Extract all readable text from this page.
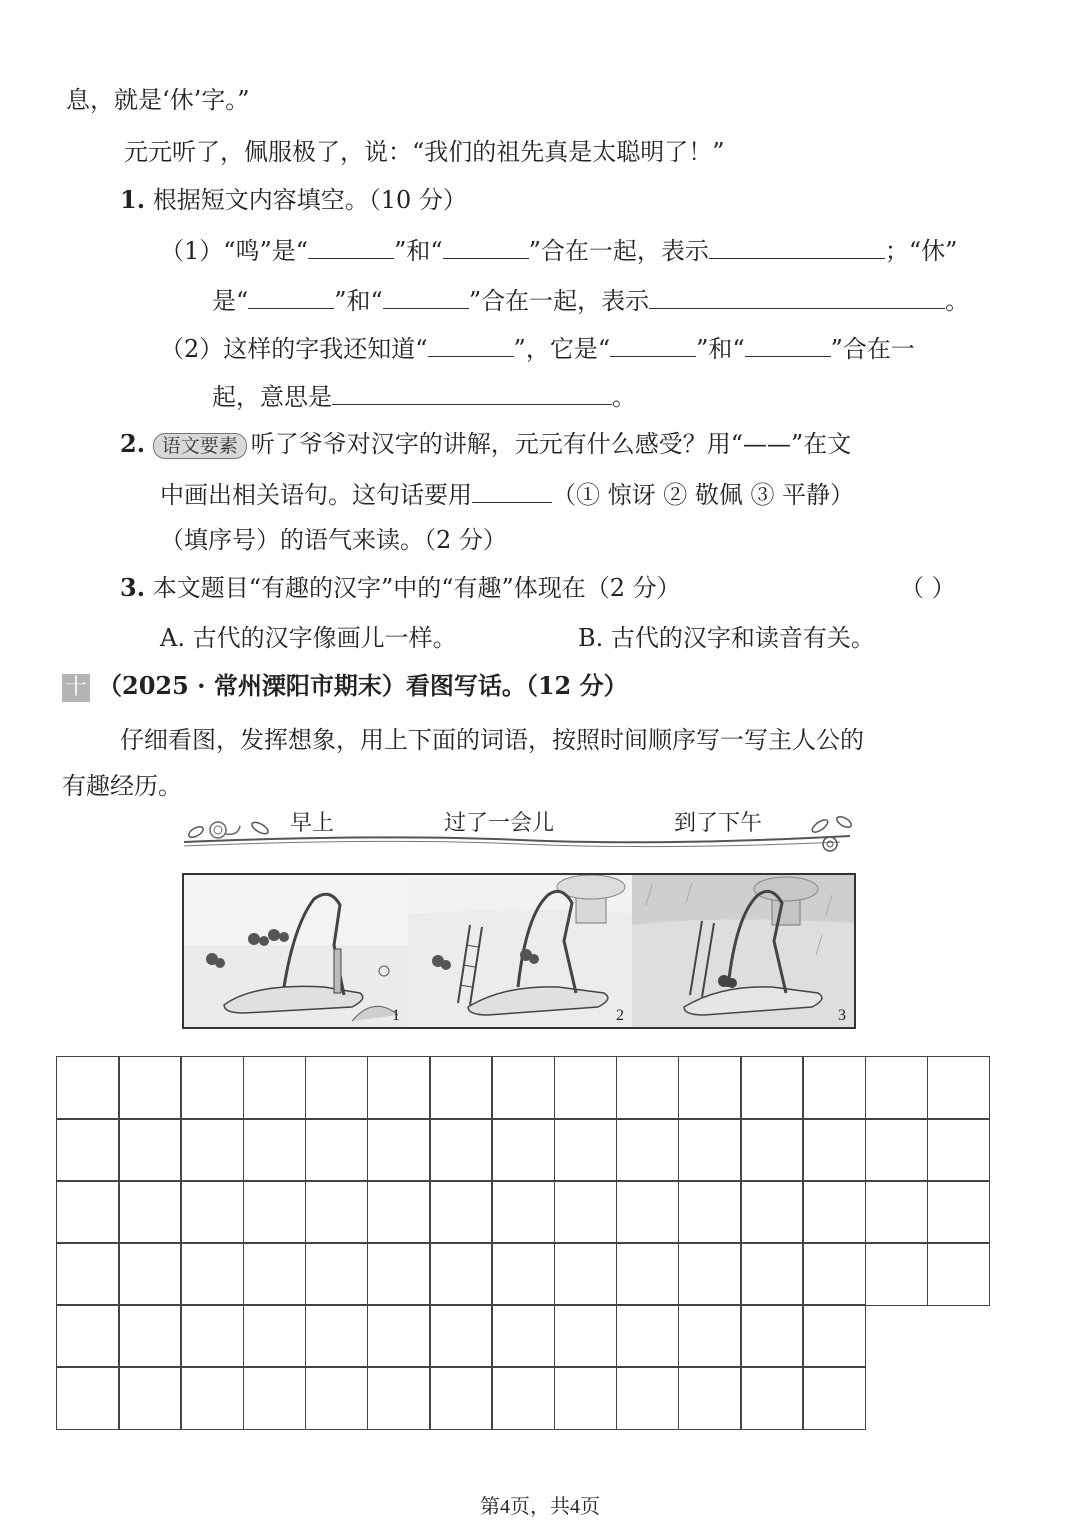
息，就是‘休’字。”
元元听了，佩服极了，说：“我们的祖先真是太聪明了！”
1. 根据短文内容填空。（10 分）
（1）“鸣”是“	”和“	”合在一起，表示	；“休”
是“	”和“	”合在一起，表示	。
（2）这样的字我还知道“	”，它是“	”和“	”合在一
起，意思是	。
2. 语文要素 听了爷爷对汉字的讲解，元元有什么感受？用“——”在文
中画出相关语句。这句话要用	（① 惊讶 ② 敬佩 ③ 平静）
（填序号）的语气来读。（2 分）
3. 本文题目“有趣的汉字”中的“有趣”体现在（2 分）	（ ）
A. 古代的汉字像画儿一样。	B. 古代的汉字和读音有关。
十 （2025 · 常州溧阳市期末）看图写话。（12 分）
仔细看图，发挥想象，用上下面的词语，按照时间顺序写一写主人公的
有趣经历。
早上	过了一会儿	到了下午
1	2	3
第4页，共4页
